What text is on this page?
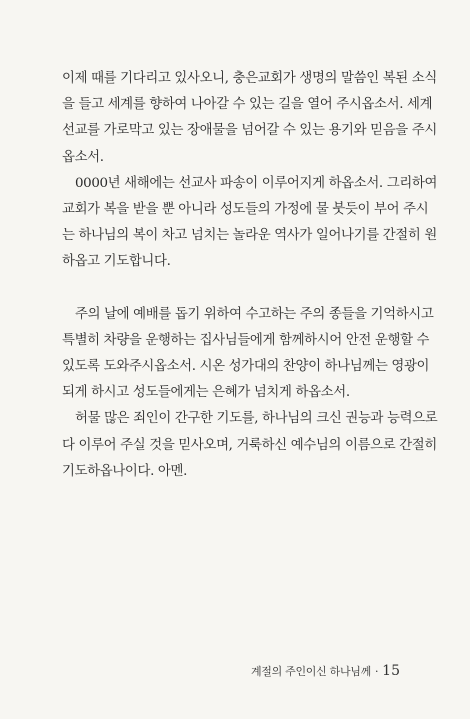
이제 때를 기다리고 있사오니, 충은교회가 생명의 말씀인 복된 소식
을 들고 세계를 향하여 나아갈 수 있는 길을 열어 주시옵소서. 세계
선교를 가로막고 있는 장애물을 넘어갈 수 있는 용기와 믿음을 주시
옵소서.
0000년 새해에는 선교사 파송이 이루어지게 하옵소서. 그리하여
교회가 복을 받을 뿐 아니라 성도들의 가정에 물 붓듯이 부어 주시
는 하나님의 복이 차고 넘치는 놀라운 역사가 일어나기를 간절히 원
하옵고 기도합니다.
주의 날에 예배를 돕기 위하여 수고하는 주의 종들을 기억하시고
특별히 차량을 운행하는 집사님들에게 함께하시어 안전 운행할 수
있도록 도와주시옵소서. 시온 성가대의 찬양이 하나님께는 영광이
되게 하시고 성도들에게는 은혜가 넘치게 하옵소서.
허물 많은 죄인이 간구한 기도를, 하나님의 크신 권능과 능력으로
다 이루어 주실 것을 믿사오며, 거룩하신 예수님의 이름으로 간절히
기도하옵나이다. 아멘.
계절의 주인이신 하나님께 · 15
